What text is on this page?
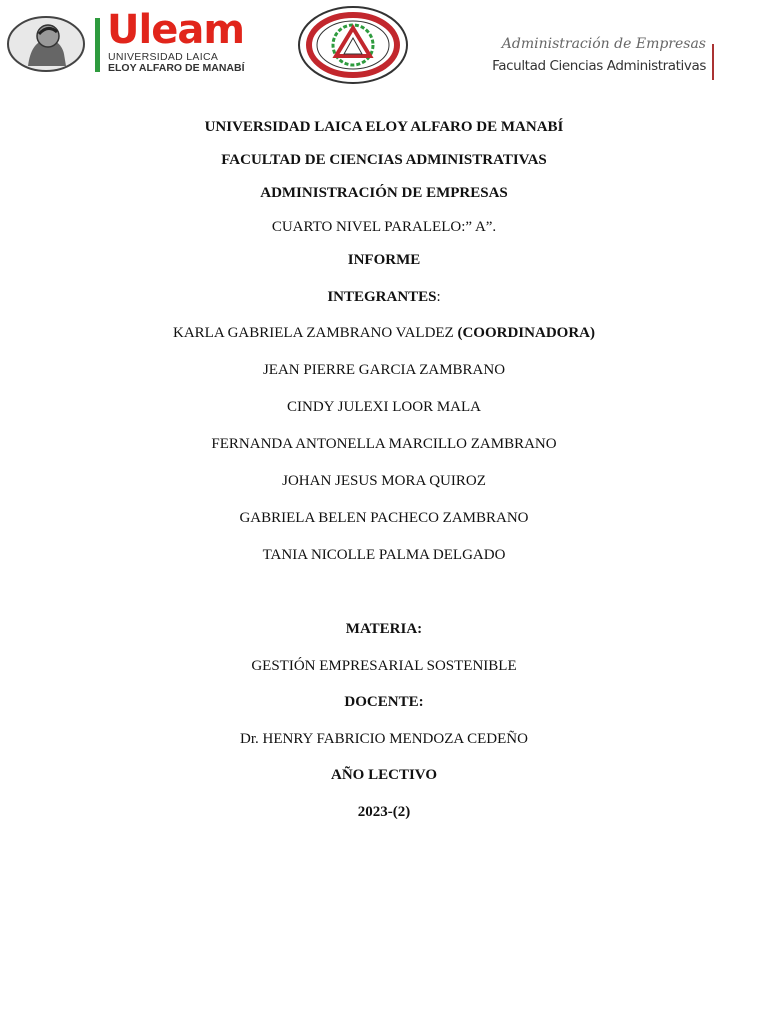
Uleam
UNIVERSIDAD LAICA
ELOY ALFARO DE MANABÍ
Administración de Empresas
Facultad Ciencias Administrativas
UNIVERSIDAD LAICA ELOY ALFARO DE MANABÍ
FACULTAD DE CIENCIAS ADMINISTRATIVAS
ADMINISTRACIÓN DE EMPRESAS
CUARTO NIVEL PARALELO:” A”.
INFORME
INTEGRANTES:
KARLA GABRIELA ZAMBRANO VALDEZ (COORDINADORA)
JEAN PIERRE GARCIA ZAMBRANO
CINDY JULEXI LOOR MALA
FERNANDA ANTONELLA MARCILLO ZAMBRANO
JOHAN JESUS MORA QUIROZ
GABRIELA BELEN PACHECO ZAMBRANO
TANIA NICOLLE PALMA DELGADO
MATERIA:
GESTIÓN EMPRESARIAL SOSTENIBLE
DOCENTE:
Dr. HENRY FABRICIO MENDOZA CEDEÑO
AÑO LECTIVO
2023-(2)
